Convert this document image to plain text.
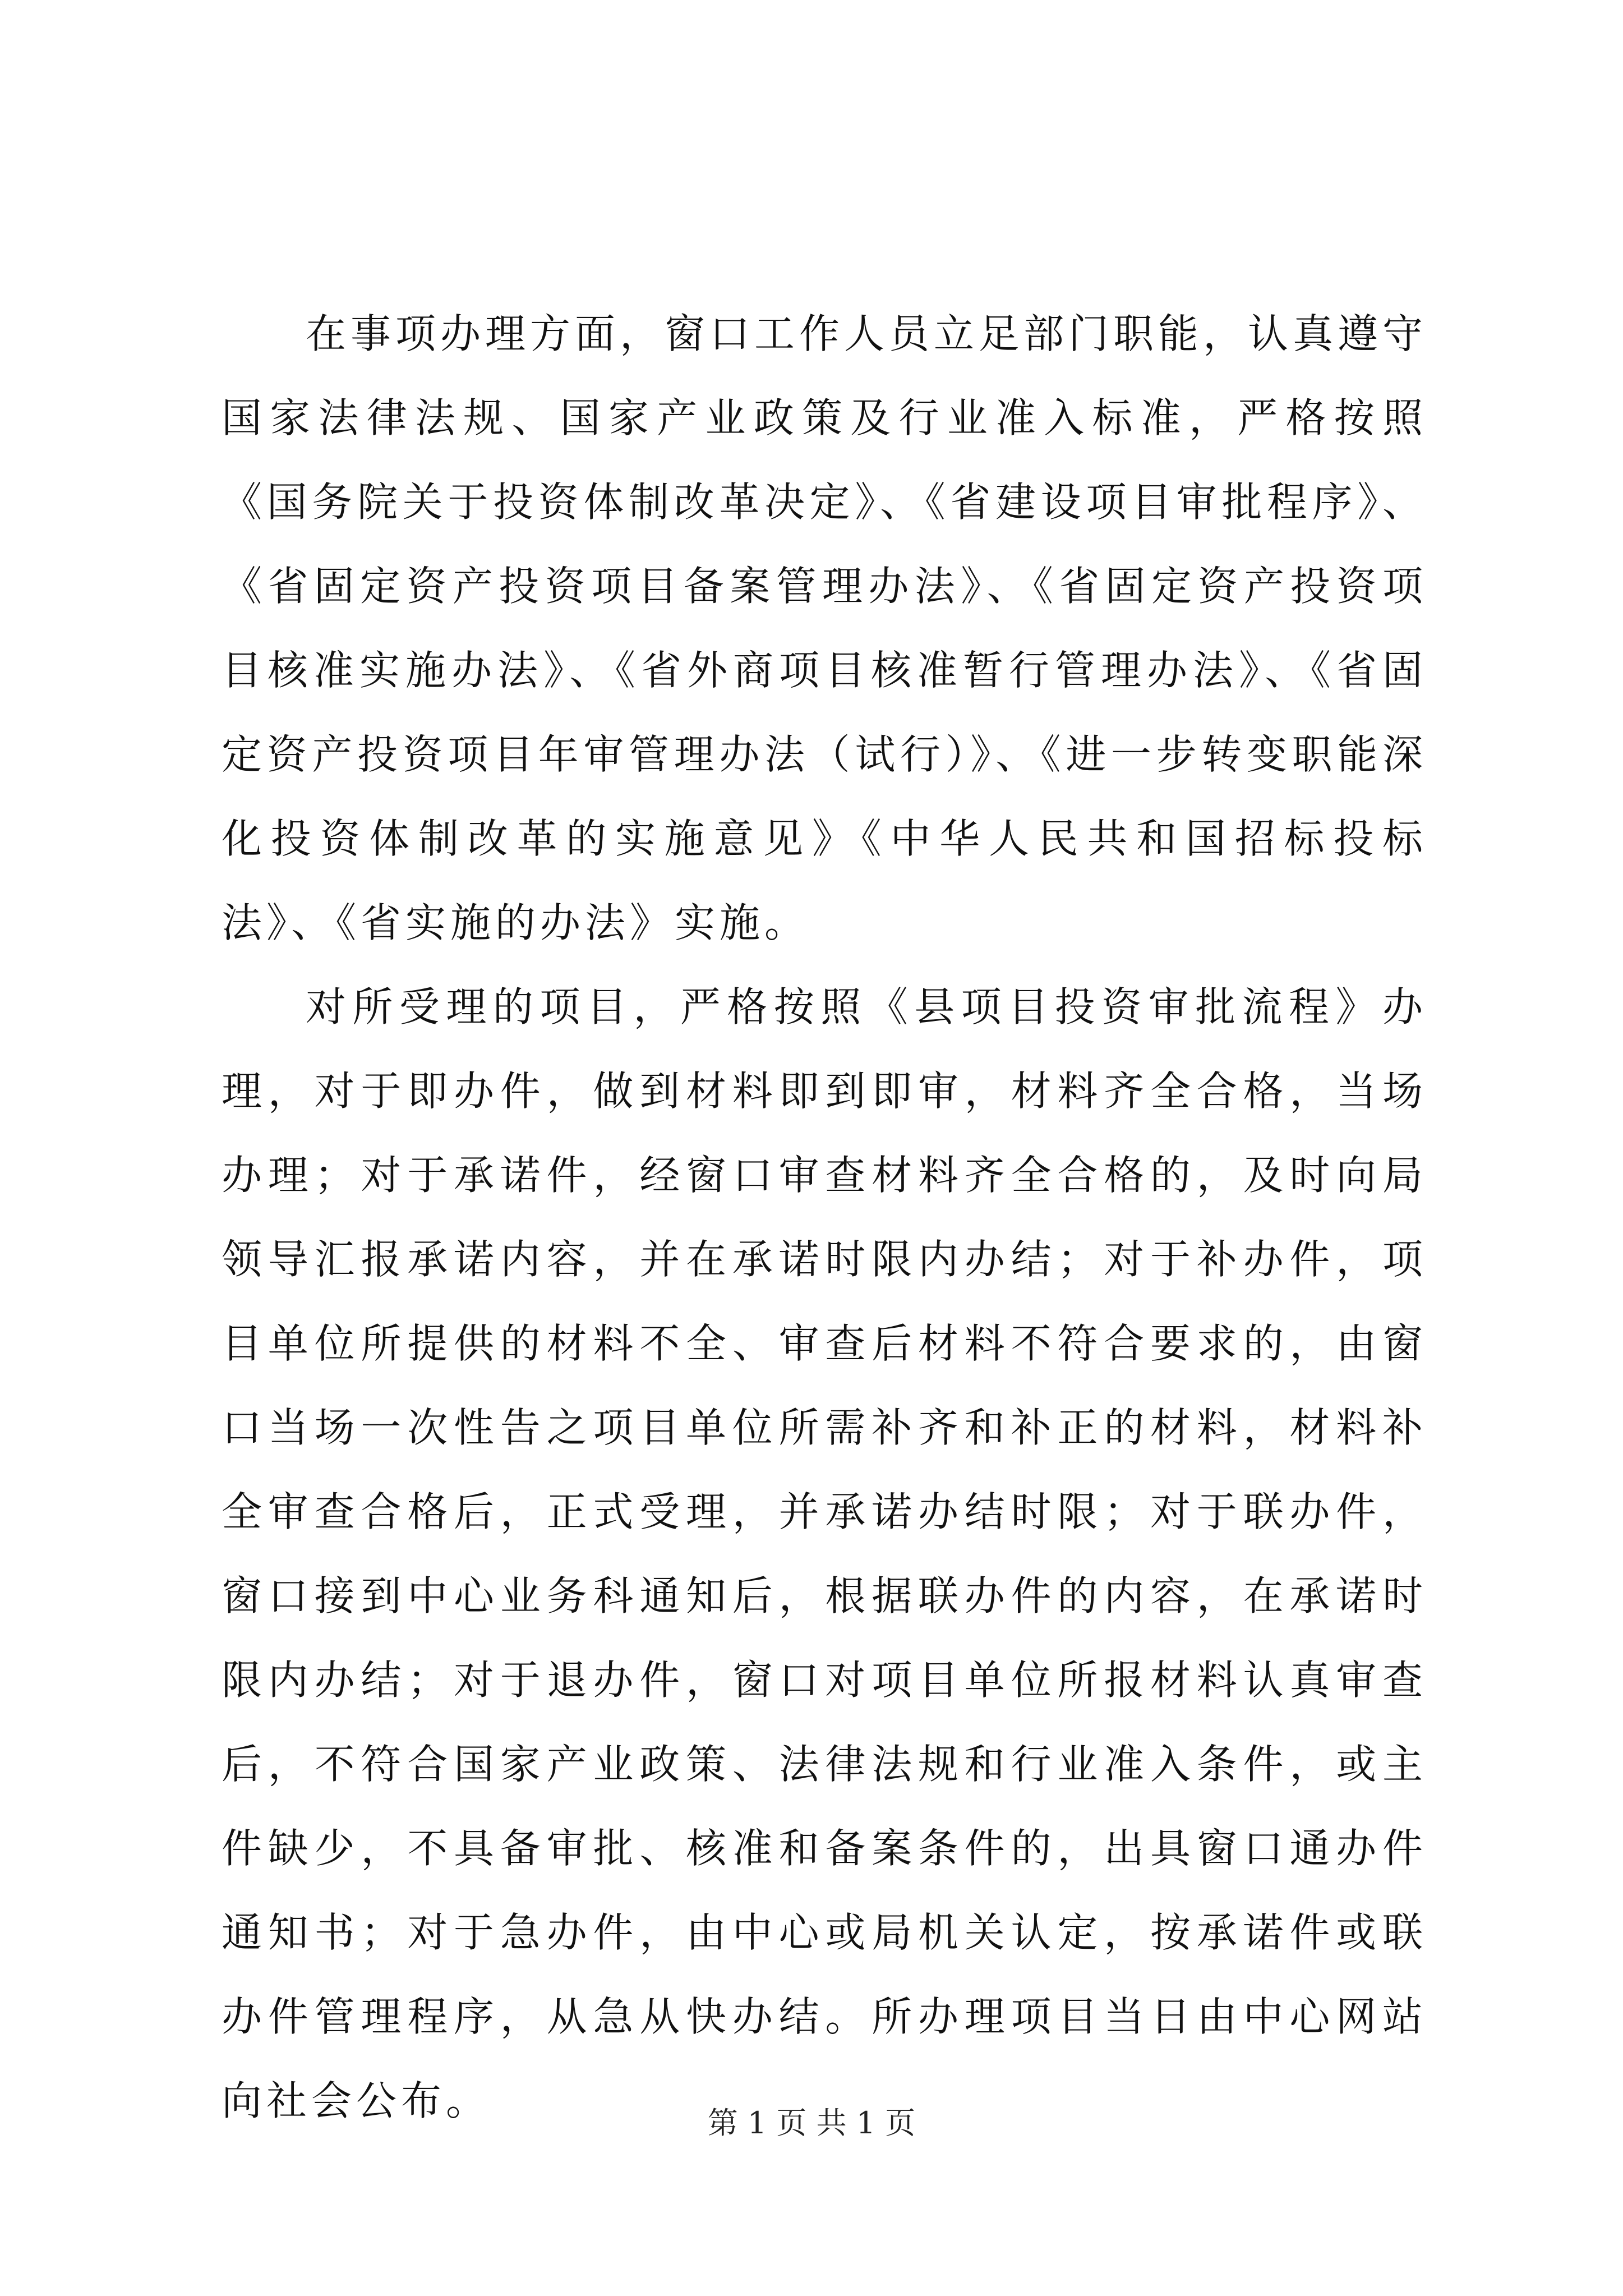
在事项办理方面，窗口工作人员立足部门职能，认真遵守国家法律法规、国家产业政策及行业准入标准，严格按照《国务院关于投资体制改革决定》、《省建设项目审批程序》、《省固定资产投资项目备案管理办法》、《省固定资产投资项目核准实施办法》、《省外商项目核准暂行管理办法》、《省固定资产投资项目年审管理办法（试行）》、《进一步转变职能深化投资体制改革的实施意见》《中华人民共和国招标投标法》、《省实施的办法》实施。

对所受理的项目，严格按照《县项目投资审批流程》办理，对于即办件，做到材料即到即审，材料齐全合格，当场办理；对于承诺件，经窗口审查材料齐全合格的，及时向局领导汇报承诺内容，并在承诺时限内办结；对于补办件，项目单位所提供的材料不全、审查后材料不符合要求的，由窗口当场一次性告之项目单位所需补齐和补正的材料，材料补全审查合格后，正式受理，并承诺办结时限；对于联办件，窗口接到中心业务科通知后，根据联办件的内容，在承诺时限内办结；对于退办件，窗口对项目单位所报材料认真审查后，不符合国家产业政策、法律法规和行业准入条件，或主件缺少，不具备审批、核准和备案条件的，出具窗口通办件通知书；对于急办件，由中心或局机关认定，按承诺件或联办件管理程序，从急从快办结。所办理项目当日由中心网站向社会公布。	第 1 页 共 1 页
